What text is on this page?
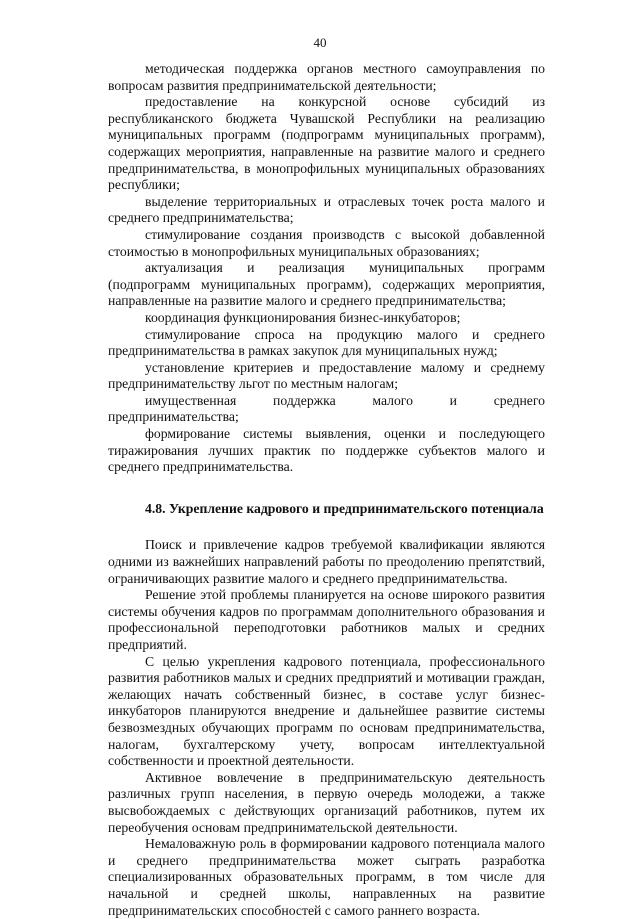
40

методическая поддержка органов местного самоуправления по вопросам развития предпринимательской деятельности;

предоставление на конкурсной основе субсидий из республиканского бюджета Чувашской Республики на реализацию муниципальных программ (подпрограмм муниципальных программ), содержащих мероприятия, направленные на развитие малого и среднего предпринимательства, в монопрофильных муниципальных образованиях республики;

выделение территориальных и отраслевых точек роста малого и среднего предпринимательства;

стимулирование создания производств с высокой добавленной стоимостью в монопрофильных муниципальных образованиях;

актуализация и реализация муниципальных программ (подпрограмм муниципальных программ), содержащих мероприятия, направленные на развитие малого и среднего предпринимательства;

координация функционирования бизнес-инкубаторов;

стимулирование спроса на продукцию малого и среднего предпринимательства в рамках закупок для муниципальных нужд;

установление критериев и предоставление малому и среднему предпринимательству льгот по местным налогам;

имущественная поддержка малого и среднего предпринимательства;

формирование системы выявления, оценки и последующего тиражирования лучших практик по поддержке субъектов малого и среднего предпринимательства.

4.8. Укрепление кадрового и предпринимательского потенциала

Поиск и привлечение кадров требуемой квалификации являются одними из важнейших направлений работы по преодолению препятствий, ограничивающих развитие малого и среднего предпринимательства.

Решение этой проблемы планируется на основе широкого развития системы обучения кадров по программам дополнительного образования и профессиональной переподготовки работников малых и средних предприятий.

С целью укрепления кадрового потенциала, профессионального развития работников малых и средних предприятий и мотивации граждан, желающих начать собственный бизнес, в составе услуг бизнес-инкубаторов планируются внедрение и дальнейшее развитие системы безвозмездных обучающих программ по основам предпринимательства, налогам, бухгалтерскому учету, вопросам интеллектуальной собственности и проектной деятельности.

Активное вовлечение в предпринимательскую деятельность различных групп населения, в первую очередь молодежи, а также высвобождаемых с действующих организаций работников, путем их переобучения основам предпринимательской деятельности.

Немаловажную роль в формировании кадрового потенциала малого и среднего предпринимательства может сыграть разработка специализированных образовательных программ, в том числе для начальной и средней школы, направленных на развитие предпринимательских способностей с самого раннего возраста.
